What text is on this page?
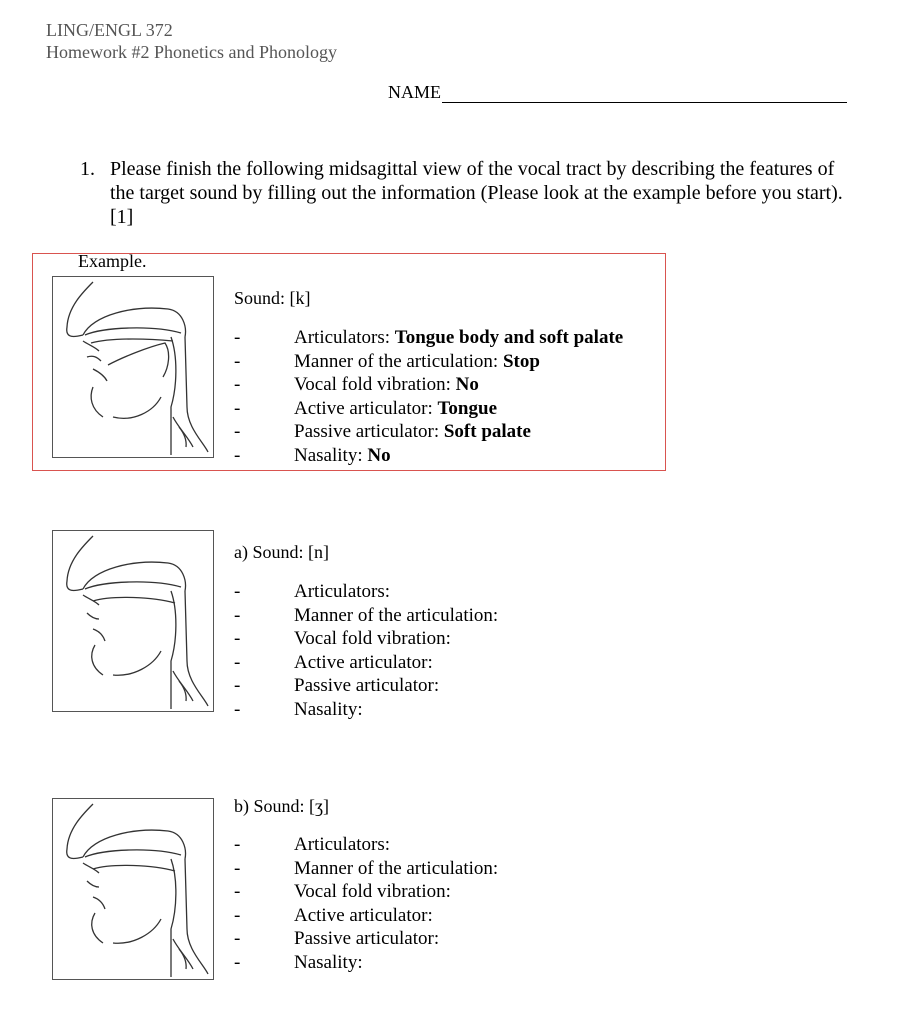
LING/ENGL 372
Homework #2 Phonetics and Phonology
NAME
1. Please finish the following midsagittal view of the vocal tract by describing the features of the target sound by filling out the information (Please look at the example before you start). [1]
Example.
Sound: [k]
-	Articulators: Tongue body and soft palate
-	Manner of the articulation: Stop
-	Vocal fold vibration: No
-	Active articulator: Tongue
-	Passive articulator: Soft palate
-	Nasality: No
a) Sound: [n]
-	Articulators:
-	Manner of the articulation:
-	Vocal fold vibration:
-	Active articulator:
-	Passive articulator:
-	Nasality:
b) Sound: [ʒ]
-	Articulators:
-	Manner of the articulation:
-	Vocal fold vibration:
-	Active articulator:
-	Passive articulator:
-	Nasality:
